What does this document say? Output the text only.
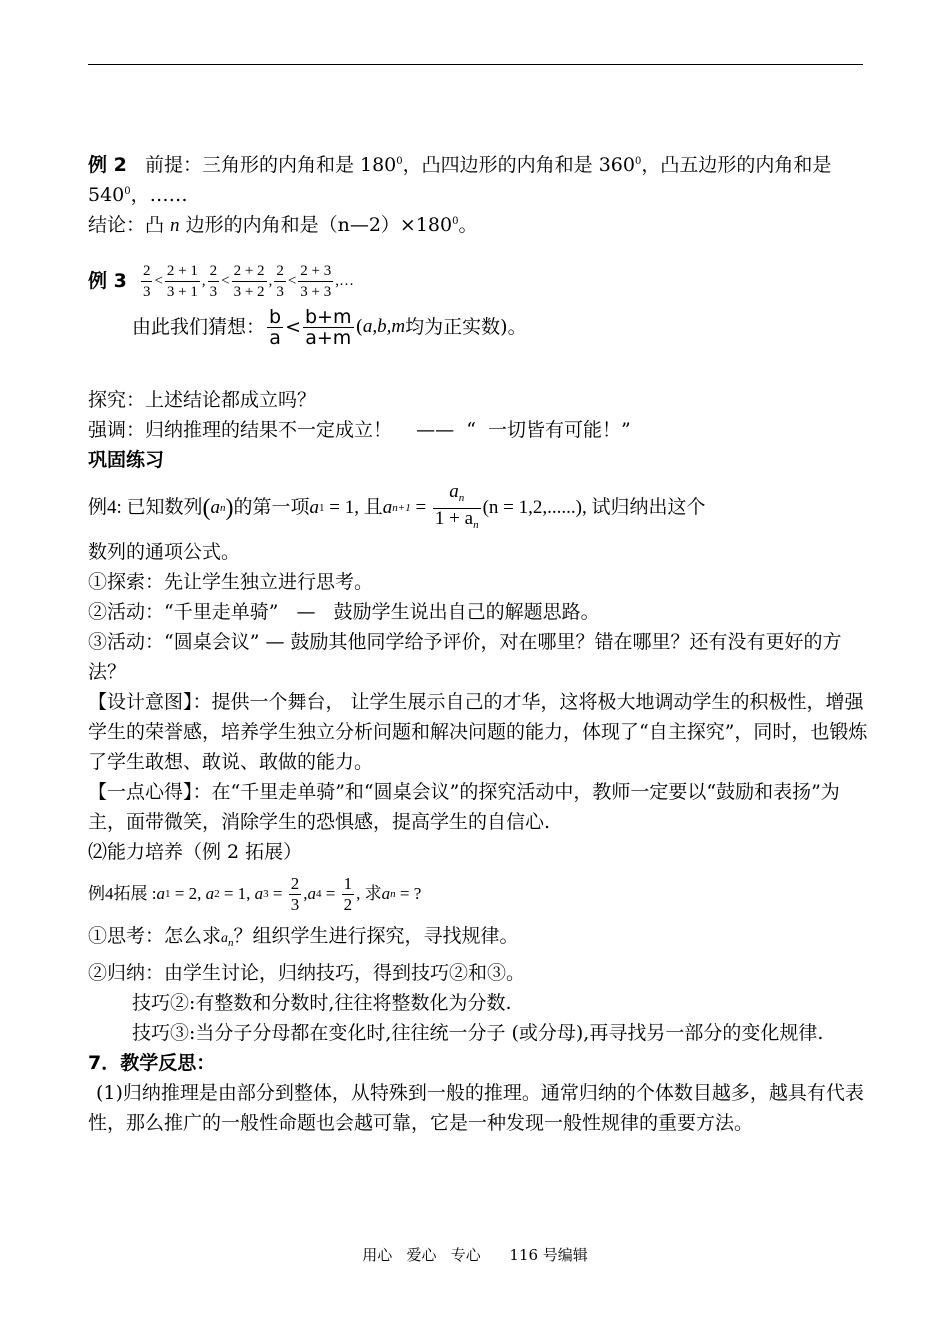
例 2 前提：三角形的内角和是 $180^0$，凸四边形的内角和是 $360^0$，凸五边形的内角和是 $540^0$，……

结论：凸 n 边形的内角和是$(n—2)\times 180^0$。

例 3
$\frac{2}{3} < \frac{2 + 1}{3 + 1}$ , $\frac{2}{3} < \frac{2 + 2}{3 + 2}$ , $\frac{2}{3} < \frac{2 + 3}{3 + 3}$ ,…
由此我们猜想： $\frac{b}{a} < \frac{b+m}{a+m}$ ( a,b,m 均为正实数)。

探究：上述结论都成立吗？

强调：归纳推理的结果不一定成立！    ——  “  一切皆有可能！”

巩固练习

例4: 已知数列 ( a n ) 的第一项 a 1 = 1, 且 a $n+1 = \frac{a_n}{1 + a_n} (n = 1,2,......)$, 试归纳出这个

数列的通项公式。

①探索：先让学生独立进行思考。

②活动：“千里走单骑”   —   鼓励学生说出自己的解题思路。

③活动：“圆桌会议” — 鼓励其他同学给予评价，对在哪里？错在哪里？还有没有更好的方法？

【设计意图】：提供一个舞台， 让学生展示自己的才华，这将极大地调动学生的积极性，增强学生的荣誉感，培养学生独立分析问题和解决问题的能力，体现了“自主探究”，同时，也锻炼了学生敢想、敢说、敢做的能力。

【一点心得】：在“千里走单骑”和“圆桌会议”的探究活动中，教师一定要以“鼓励和表扬”为主，面带微笑，消除学生的恐惧感，提高学生的自信心.

⑵能力培养（例 2 拓展）

例4拓展 : a 1 = 2, a 2 = 1, a $3 = \frac{2}{3}$ , a $4 = \frac{1}{2}$ , 求 a n = ?

①思考：怎么求$a_n$？组织学生进行探究，寻找规律。

②归纳：由学生讨论，归纳技巧，得到技巧②和③。

技巧②:有整数和分数时,往往将整数化为分数.

技巧③:当分子分母都在变化时,往往统一分子 (或分母),再寻找另一部分的变化规律.

7．教学反思：

(1)归纳推理是由部分到整体，从特殊到一般的推理。通常归纳的个体数目越多，越具有代表性，那么推广的一般性命题也会越可靠，它是一种发现一般性规律的重要方法。

用心   爱心   专心      116 号编辑
